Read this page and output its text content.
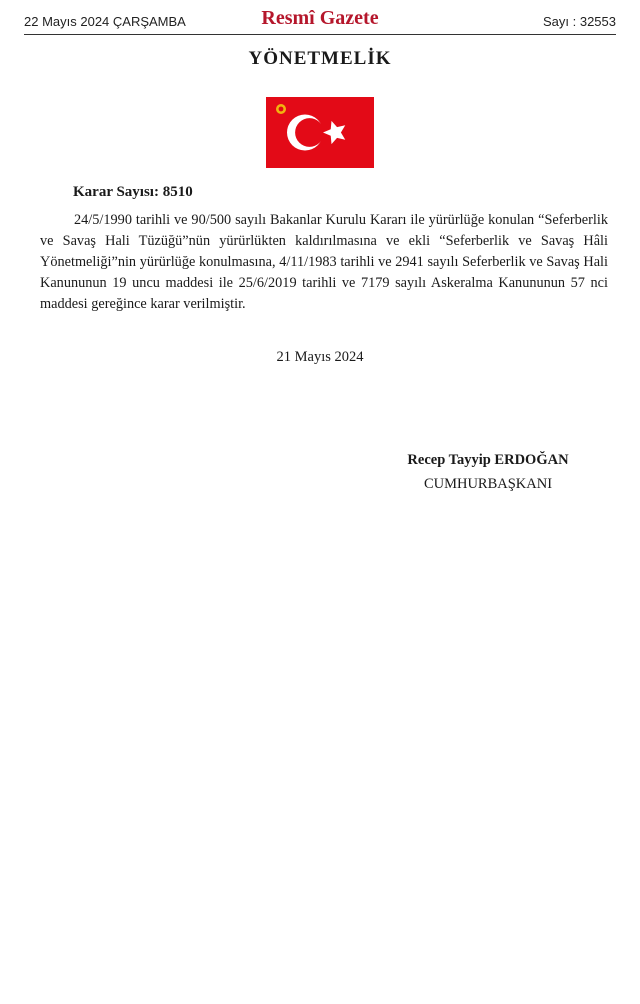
22 Mayıs 2024 ÇARŞAMBA	Resmî Gazete	Sayı : 32553
YÖNETMELİK
Karar Sayısı: 8510

24/5/1990 tarihli ve 90/500 sayılı Bakanlar Kurulu Kararı ile yürürlüğe konulan “Seferberlik ve Savaş Hali Tüzüğü”nün yürürlükten kaldırılmasına ve ekli “Seferberlik ve Savaş Hâli Yönetmeliği”nin yürürlüğe konulmasına, 4/11/1983 tarihli ve 2941 sayılı Seferberlik ve Savaş Hali Kanununun 19 uncu maddesi ile 25/6/2019 tarihli ve 7179 sayılı Askeralma Kanununun 57 nci maddesi gereğince karar verilmiştir.

21 Mayıs 2024
Recep Tayyip ERDOĞAN
CUMHURBAŞKANI
